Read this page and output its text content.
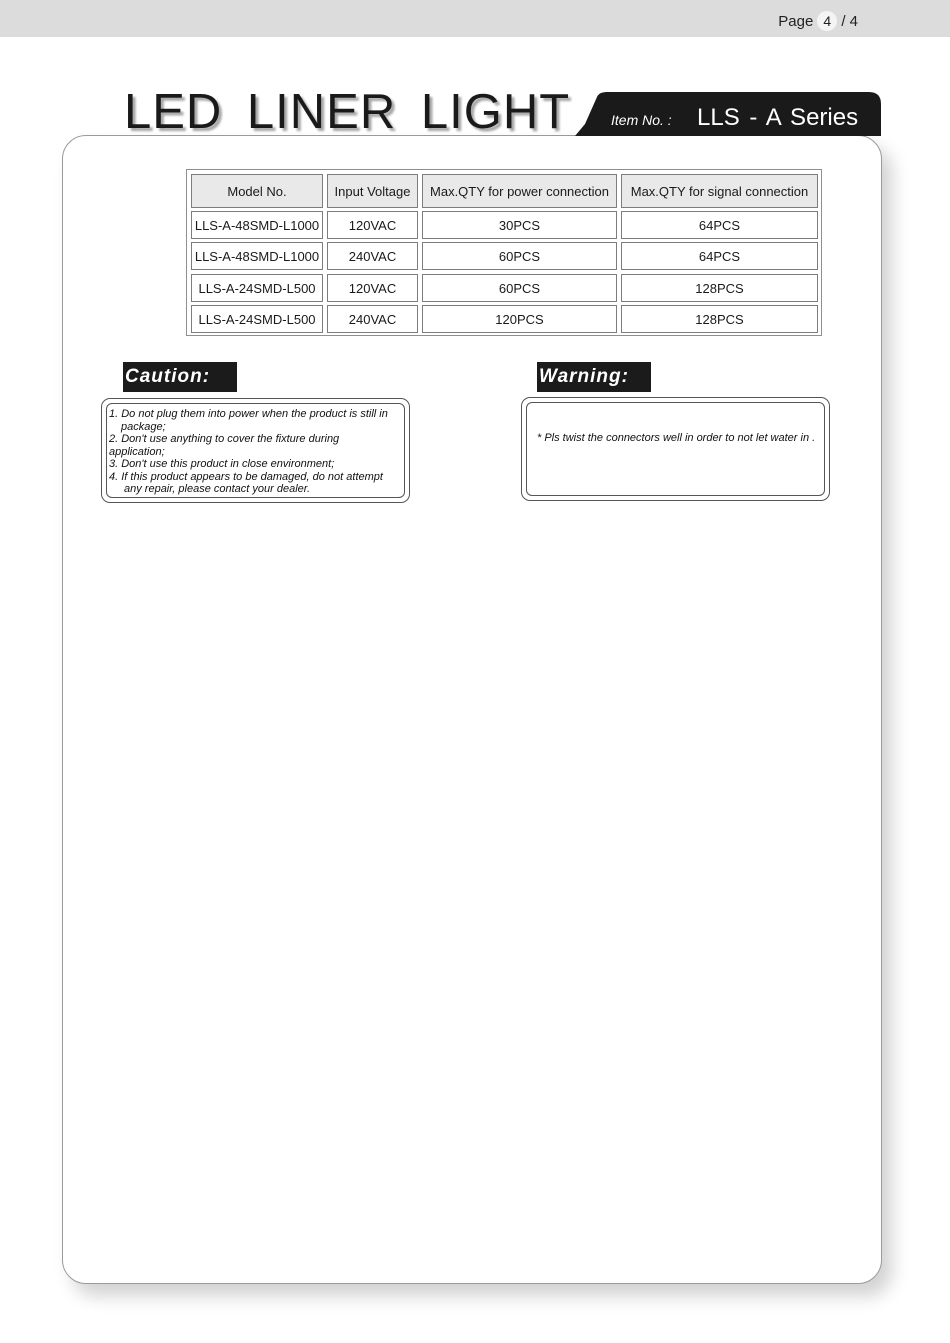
Page 4 / 4
LED LINER LIGHT	Item No. : LLS - A Series
Model No.	Input Voltage	Max.QTY for power connection	Max.QTY for signal connection
LLS-A-48SMD-L1000	120VAC	30PCS	64PCS
LLS-A-48SMD-L1000	240VAC	60PCS	64PCS
LLS-A-24SMD-L500	120VAC	60PCS	128PCS
LLS-A-24SMD-L500	240VAC	120PCS	128PCS
Caution:	Warning:
1. Do not plug them into power when the product is still in
package;
2. Don't use anything to cover the fixture during
application;
3. Don't use this product in close environment;
4. If this product appears to be damaged, do not attempt
any repair, please contact your dealer.
* Pls twist the connectors well in order to not let water in .
